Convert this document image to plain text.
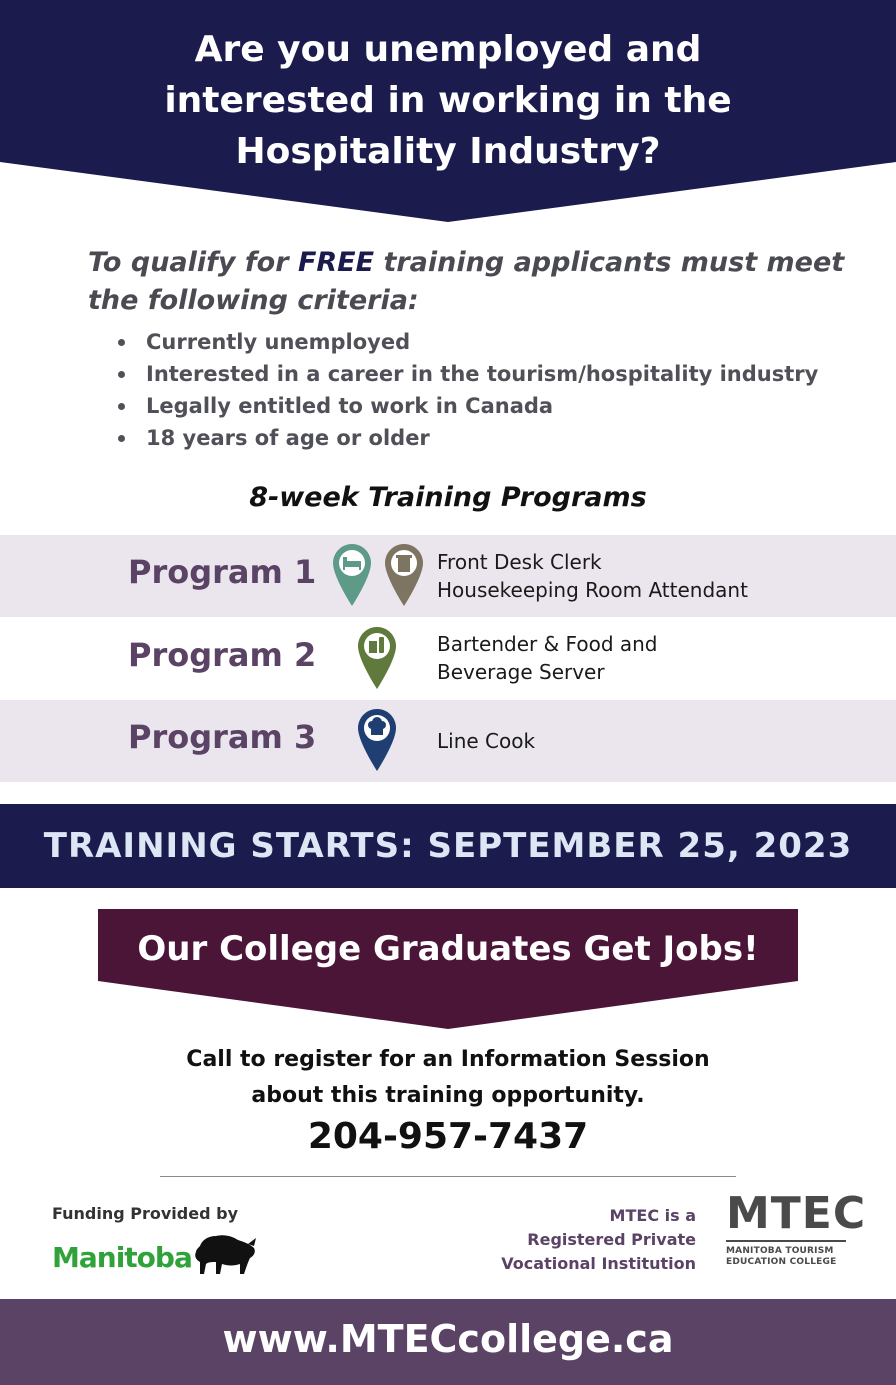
Are you unemployed and
interested in working in the
Hospitality Industry?

To qualify for FREE training applicants must meet the following criteria:

Currently unemployed
Interested in a career in the tourism/hospitality industry
Legally entitled to work in Canada
18 years of age or older
8-week Training Programs
Program 1	Front Desk Clerk
Housekeeping Room Attendant
Program 2	Bartender & Food and
Beverage Server
Program 3	Line Cook

TRAINING STARTS: SEPTEMBER 25, 2023

Our College Graduates Get Jobs!

Call to register for an Information Session
about this training opportunity.

204-957-7437

Funding Provided by

Manitoba

MTEC is a
Registered Private
Vocational Institution

MTEC

MANITOBA TOURISM

EDUCATION COLLEGE

www.MTECcollege.ca
